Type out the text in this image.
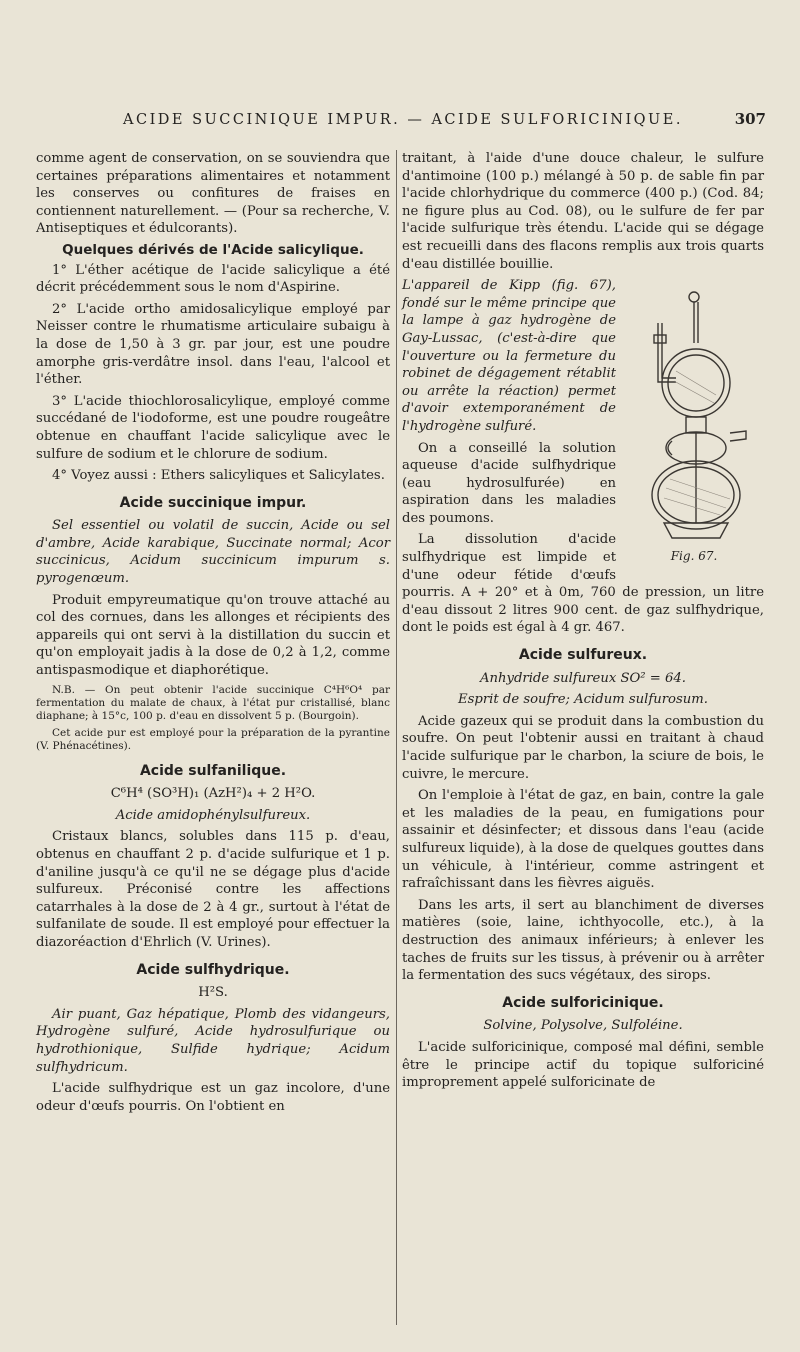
ACIDE SUCCINIQUE IMPUR. — ACIDE SULFORICINIQUE.	307

comme agent de conservation, on se souviendra que certaines préparations alimentaires et notamment les conserves ou confitures de fraises en contiennent naturellement. — (Pour sa recherche, V. Antiseptiques et édulcorants).

Quelques dérivés de l'Acide salicylique.

1° L'éther acétique de l'acide salicylique a été décrit précédemment sous le nom d'Aspirine.

2° L'acide ortho amidosalicylique employé par Neisser contre le rhumatisme articulaire subaigu à la dose de 1,50 à 3 gr. par jour, est une poudre amorphe gris-verdâtre insol. dans l'eau, l'alcool et l'éther.

3° L'acide thiochlorosalicylique, employé comme succédané de l'iodoforme, est une poudre rougeâtre obtenue en chauffant l'acide salicylique avec le sulfure de sodium et le chlorure de sodium.

4° Voyez aussi : Ethers salicyliques et Salicylates.

Acide succinique impur.

Sel essentiel ou volatil de succin, Acide ou sel d'ambre, Acide karabique, Succinate normal; Acor succinicus, Acidum succinicum impurum s. pyrogenœum.

Produit empyreumatique qu'on trouve attaché au col des cornues, dans les allonges et récipients des appareils qui ont servi à la distillation du succin et qu'on employait jadis à la dose de 0,2 à 1,2, comme antispasmodique et diaphorétique.

N.B. — On peut obtenir l'acide succinique C⁴H⁶O⁴ par fermentation du malate de chaux, à l'état pur cristallisé, blanc diaphane; à 15°c, 100 p. d'eau en dissolvent 5 p. (Bourgoin).

Cet acide pur est employé pour la préparation de la pyrantine (V. Phénacétines).

Acide sulfanilique.

C⁶H⁴ (SO³H)₁ (AzH²)₄ + 2 H²O.

Acide amidophénylsulfureux.

Cristaux blancs, solubles dans 115 p. d'eau, obtenus en chauffant 2 p. d'acide sulfurique et 1 p. d'aniline jusqu'à ce qu'il ne se dégage plus d'acide sulfureux. Préconisé contre les affections catarrhales à la dose de 2 à 4 gr., surtout à l'état de sulfanilate de soude. Il est employé pour effectuer la diazoréaction d'Ehrlich (V. Urines).

Acide sulfhydrique.

H²S.

Air puant, Gaz hépatique, Plomb des vidangeurs, Hydrogène sulfuré, Acide hydrosulfurique ou hydrothionique, Sulfide hydrique; Acidum sulfhydricum.

L'acide sulfhydrique est un gaz incolore, d'une odeur d'œufs pourris. On l'obtient en

traitant, à l'aide d'une douce chaleur, le sulfure d'antimoine (100 p.) mélangé à 50 p. de sable fin par l'acide chlorhydrique du commerce (400 p.) (Cod. 84; ne figure plus au Cod. 08), ou le sulfure de fer par l'acide sulfurique très étendu. L'acide qui se dégage est recueilli dans des flacons remplis aux trois quarts d'eau distillée bouillie.

Fig. 67.

L'appareil de Kipp (fig. 67), fondé sur le même principe que la lampe à gaz hydrogène de Gay-Lussac, (c'est-à-dire que l'ouverture ou la fermeture du robinet de dégagement rétablit ou arrête la réaction) permet d'avoir extemporanément de l'hydrogène sulfuré.

On a conseillé la solution aqueuse d'acide sulfhydrique (eau hydrosulfurée) en aspiration dans les maladies des poumons.

La dissolution d'acide sulfhydrique est limpide et d'une odeur fétide d'œufs pourris. A + 20° et à 0m, 760 de pression, un litre d'eau dissout 2 litres 900 cent. de gaz sulfhydrique, dont le poids est égal à 4 gr. 467.

Acide sulfureux.

Anhydride sulfureux SO² = 64.

Esprit de soufre; Acidum sulfurosum.

Acide gazeux qui se produit dans la combustion du soufre. On peut l'obtenir aussi en traitant à chaud l'acide sulfurique par le charbon, la sciure de bois, le cuivre, le mercure.

On l'emploie à l'état de gaz, en bain, contre la gale et les maladies de la peau, en fumigations pour assainir et désinfecter; et dissous dans l'eau (acide sulfureux liquide), à la dose de quelques gouttes dans un véhicule, à l'intérieur, comme astringent et rafraîchissant dans les fièvres aiguës.

Dans les arts, il sert au blanchiment de diverses matières (soie, laine, ichthyocolle, etc.), à la destruction des animaux inférieurs; à enlever les taches de fruits sur les tissus, à prévenir ou à arrêter la fermentation des sucs végétaux, des sirops.

Acide sulforicinique.

Solvine, Polysolve, Sulfoléine.

L'acide sulforicinique, composé mal défini, semble être le principe actif du topique sulforiciné improprement appelé sulforicinate de
